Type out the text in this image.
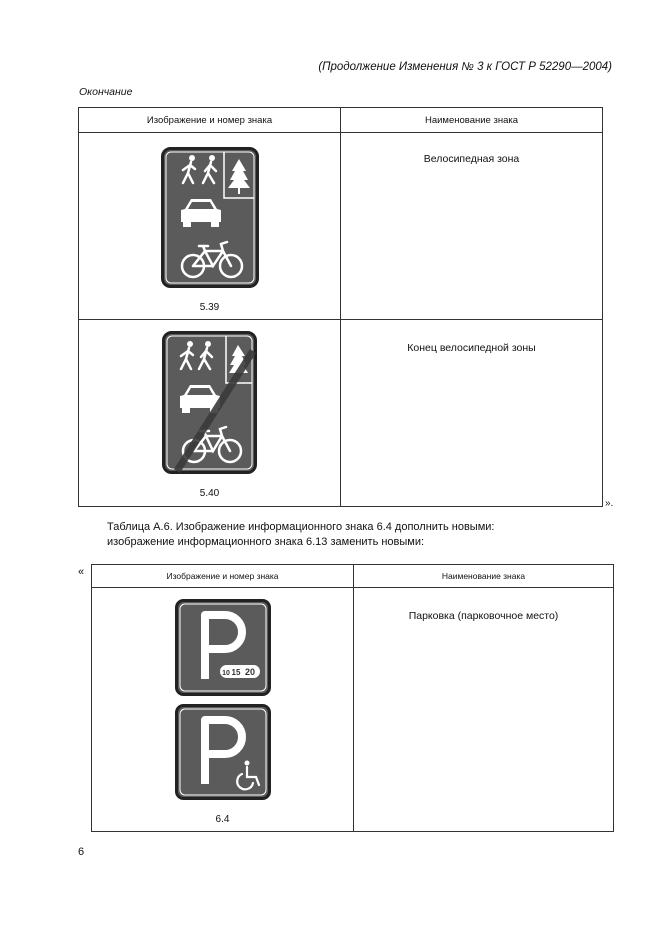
(Продолжение Изменения № 3 к ГОСТ Р 52290—2004)
Окончание
Изображение и номер знака	Наименование знака

5.39	Велосипедная зона

5.40	Конец велосипедной зоны
».
Таблица А.6. Изображение информационного знака 6.4 дополнить новыми:
изображение информационного знака 6.13 заменить новыми:
«	Изображение и номер знака	Наименование знака

10 15 20
6.4	Парковка (парковочное место)
6
